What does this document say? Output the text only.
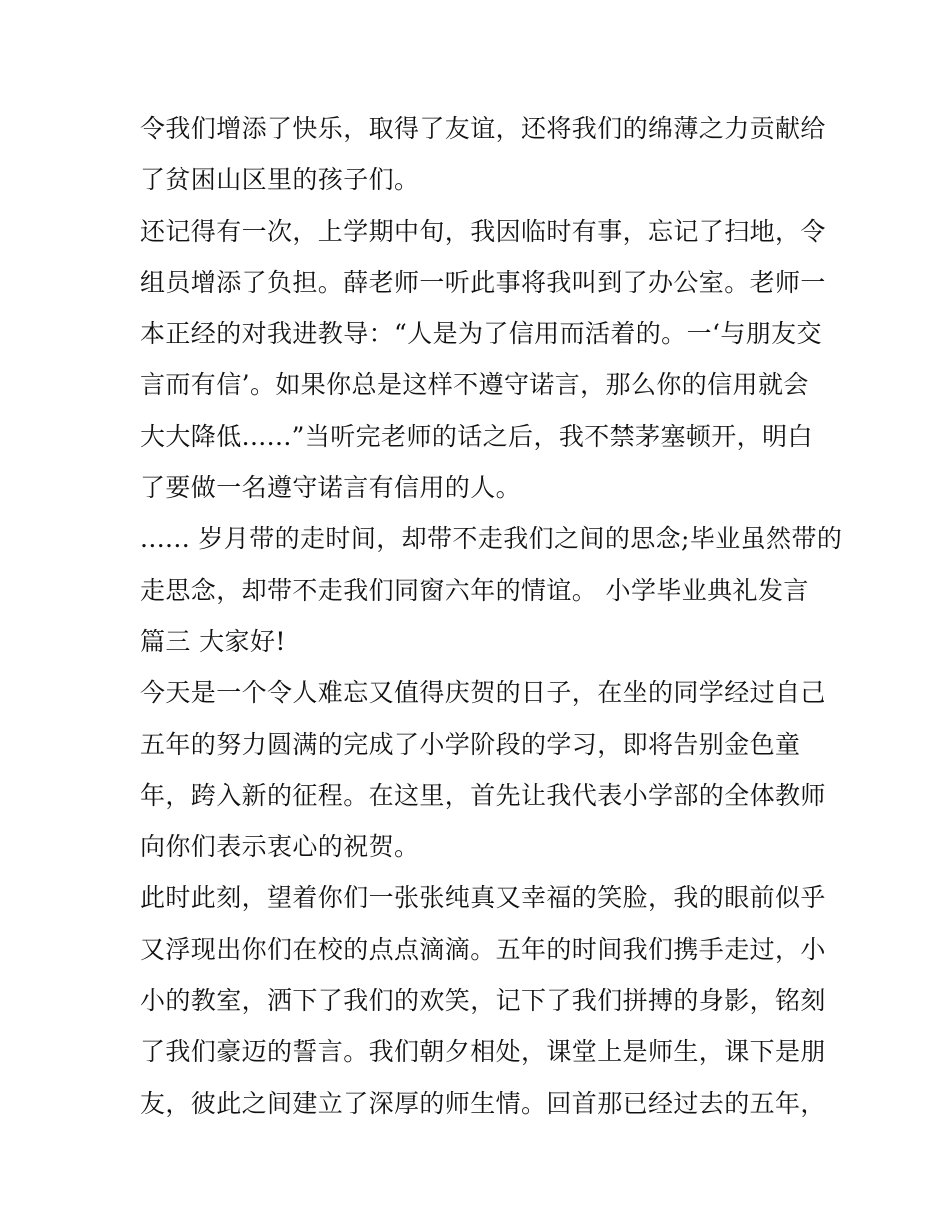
令我们增添了快乐，取得了友谊，还将我们的绵薄之力贡献给
了贫困山区里的孩子们。
还记得有一次，上学期中旬，我因临时有事，忘记了扫地，令
组员增添了负担。薛老师一听此事将我叫到了办公室。老师一
本正经的对我进教导：“人是为了信用而活着的。一‘与朋友交
言而有信’。如果你总是这样不遵守诺言，那么你的信用就会
大大降低......”当听完老师的话之后，我不禁茅塞顿开，明白
了要做一名遵守诺言有信用的人。
...... 岁月带的走时间，却带不走我们之间的思念;毕业虽然带的
走思念，却带不走我们同窗六年的情谊。 小学毕业典礼发言
篇三 大家好!
今天是一个令人难忘又值得庆贺的日子，在坐的同学经过自己
五年的努力圆满的完成了小学阶段的学习，即将告别金色童
年，跨入新的征程。在这里，首先让我代表小学部的全体教师
向你们表示衷心的祝贺。
此时此刻，望着你们一张张纯真又幸福的笑脸，我的眼前似乎
又浮现出你们在校的点点滴滴。五年的时间我们携手走过，小
小的教室，洒下了我们的欢笑，记下了我们拼搏的身影，铭刻
了我们豪迈的誓言。我们朝夕相处，课堂上是师生，课下是朋
友，彼此之间建立了深厚的师生情。回首那已经过去的五年，
